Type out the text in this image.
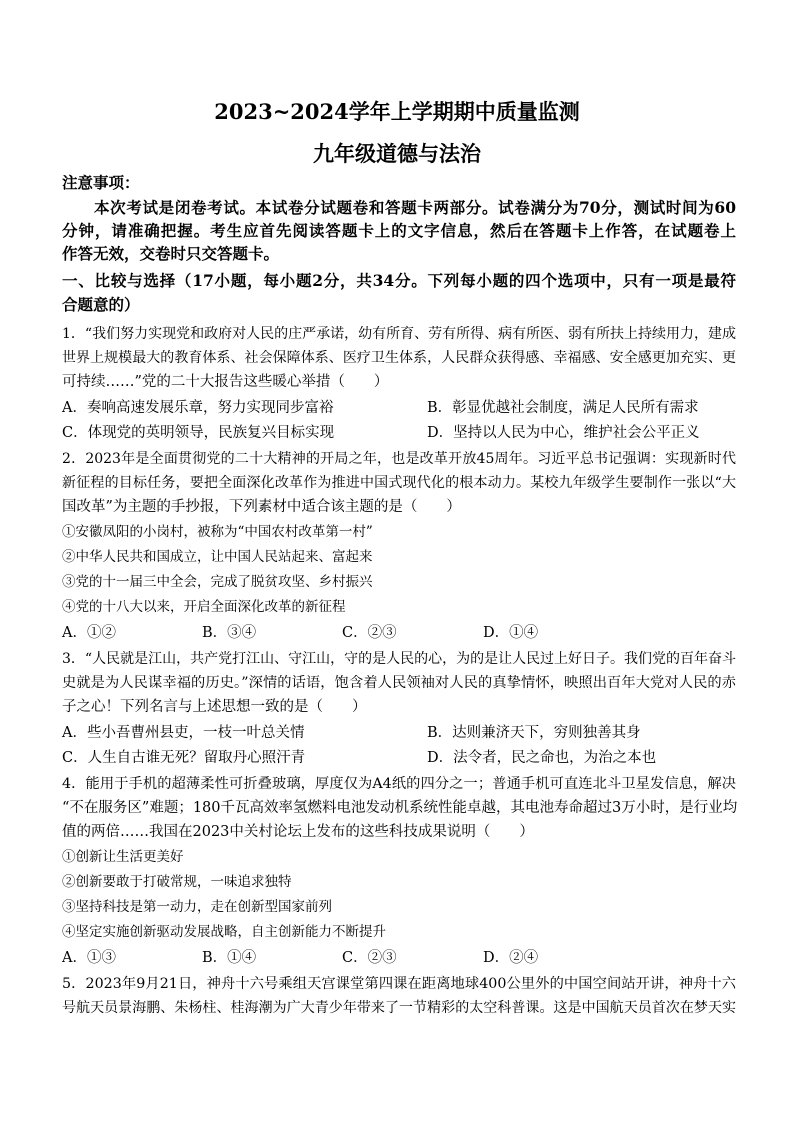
2023~2024学年上学期期中质量监测
九年级道德与法治
注意事项：
本次考试是闭卷考试。本试卷分试题卷和答题卡两部分。试卷满分为70分，测试时间为60
分钟，请准确把握。考生应首先阅读答题卡上的文字信息，然后在答题卡上作答，在试题卷上
作答无效，交卷时只交答题卡。
一、比较与选择（17小题，每小题2分，共34分。下列每小题的四个选项中，只有一项是最符
合题意的）
1．“我们努力实现党和政府对人民的庄严承诺，幼有所育、劳有所得、病有所医、弱有所扶上持续用力，建成
世界上规模最大的教育体系、社会保障体系、医疗卫生体系，人民群众获得感、幸福感、安全感更加充实、更
可持续……”党的二十大报告这些暖心举措（　　）
A．奏响高速发展乐章，努力实现同步富裕	B．彰显优越社会制度，满足人民所有需求
C．体现党的英明领导，民族复兴目标实现	D．坚持以人民为中心，维护社会公平正义
2．2023年是全面贯彻党的二十大精神的开局之年，也是改革开放45周年。习近平总书记强调：实现新时代
新征程的目标任务，要把全面深化改革作为推进中国式现代化的根本动力。某校九年级学生要制作一张以“大
国改革”为主题的手抄报，下列素材中适合该主题的是（　　）
①安徽凤阳的小岗村，被称为“中国农村改革第一村”
②中华人民共和国成立，让中国人民站起来、富起来
③党的十一届三中全会，完成了脱贫攻坚、乡村振兴
④党的十八大以来，开启全面深化改革的新征程
A．①②	B．③④	C．②③	D．①④
3．“人民就是江山，共产党打江山、守江山，守的是人民的心，为的是让人民过上好日子。我们党的百年奋斗
史就是为人民谋幸福的历史。”深情的话语，饱含着人民领袖对人民的真挚情怀，映照出百年大党对人民的赤
子之心！下列名言与上述思想一致的是（　　）
A．些小吾曹州县吏，一枝一叶总关情	B．达则兼济天下，穷则独善其身
C．人生自古谁无死？留取丹心照汗青	D．法令者，民之命也，为治之本也
4．能用于手机的超薄柔性可折叠玻璃，厚度仅为A4纸的四分之一；普通手机可直连北斗卫星发信息，解决
“不在服务区”难题；180千瓦高效率氢燃料电池发动机系统性能卓越，其电池寿命超过3万小时，是行业均
值的两倍……我国在2023中关村论坛上发布的这些科技成果说明（　　）
①创新让生活更美好
②创新要敢于打破常规，一味追求独特
③坚持科技是第一动力，走在创新型国家前列
④坚定实施创新驱动发展战略，自主创新能力不断提升
A．①③	B．①④	C．②③	D．②④
5．2023年9月21日，神舟十六号乘组天宫课堂第四课在距离地球400公里外的中国空间站开讲，神舟十六
号航天员景海鹏、朱杨柱、桂海潮为广大青少年带来了一节精彩的太空科普课。这是中国航天员首次在梦天实
